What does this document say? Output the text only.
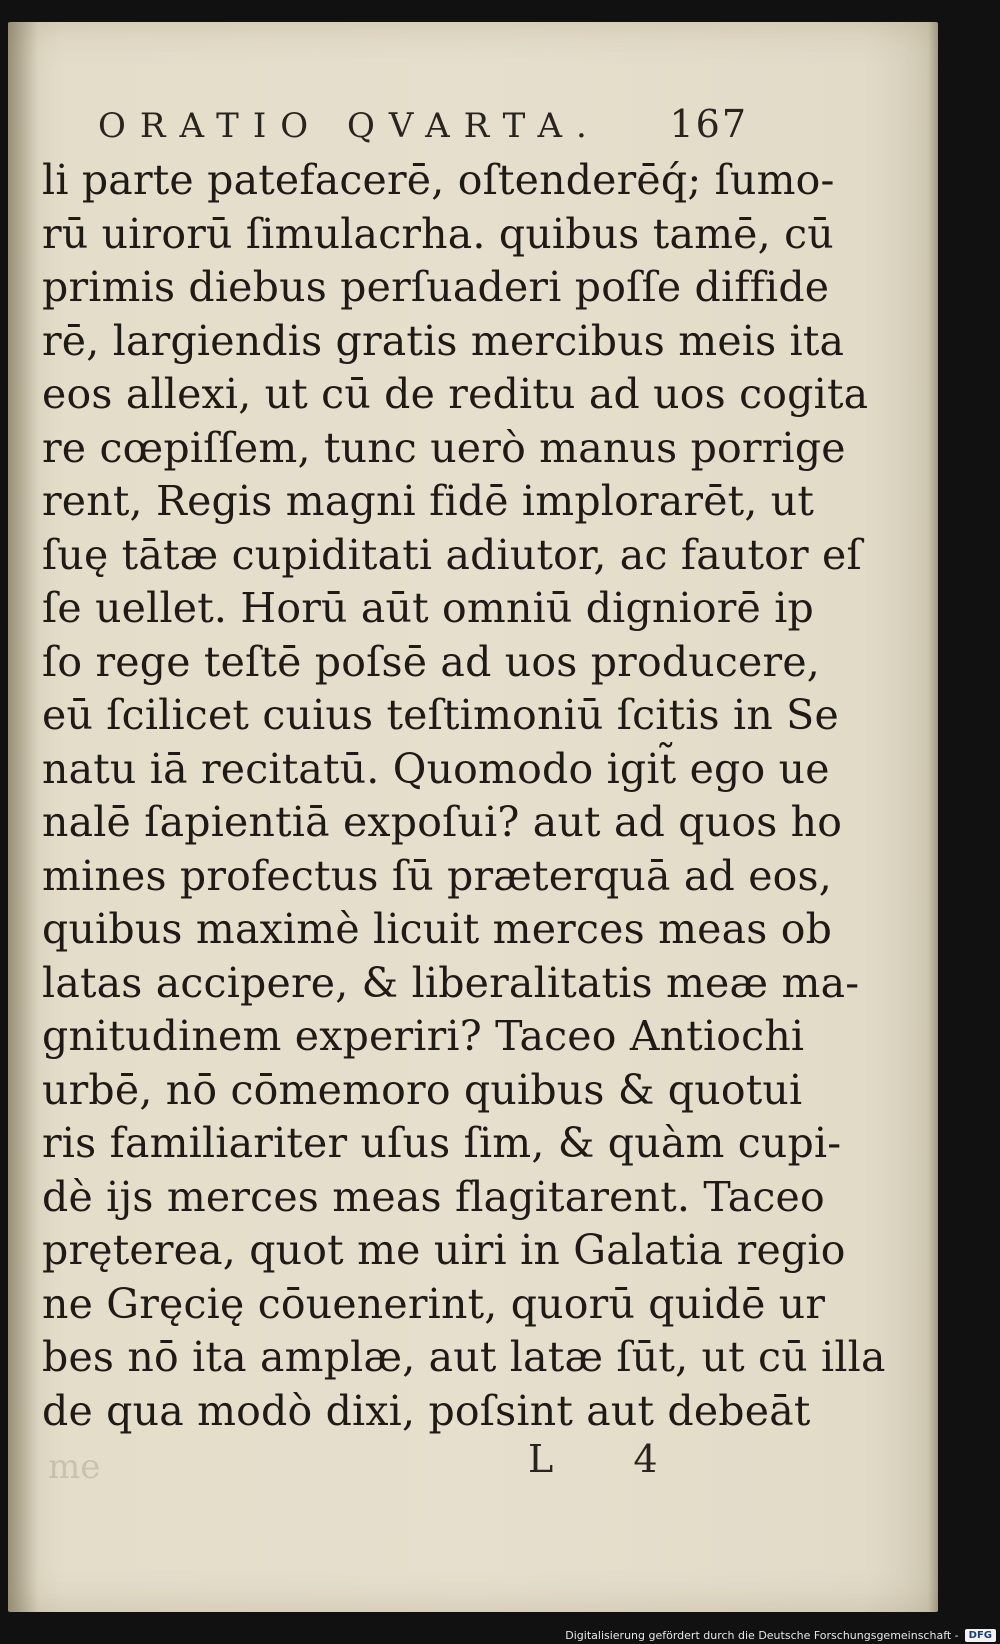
ORATIO QVARTA. 167
li parte patefacerē, oſtenderēq́; ſumo-
rū uirorū ſimulacrha. quibus tamē, cū
primis diebus perſuaderi poſſe diffide
rē, largiendis gratis mercibus meis ita
eos allexi, ut cū de reditu ad uos cogita
re cœpiſſem, tunc uerò manus porrige
rent, Regis magni fidē implorarēt, ut
ſuę tātæ cupiditati adiutor, ac fautor eſ
ſe uellet. Horū aūt omniū digniorē ip
ſo rege teſtē poſsē ad uos producere,
eū ſcilicet cuius teſtimoniū ſcitis in Se
natu iā recitatū. Quomodo igit̃ ego ue
nalē ſapientiā expoſui? aut ad quos ho
mines profectus ſū præterquā ad eos,
quibus maximè licuit merces meas ob
latas accipere, & liberalitatis meæ ma-
gnitudinem experiri? Taceo Antiochi
urbē, nō cōmemoro quibus & quotui
ris familiariter uſus ſim, & quàm cupi-
dè ijs merces meas flagitarent. Taceo
pręterea, quot me uiri in Galatia regio
ne Gręcię cōuenerint, quorū quidē ur
bes nō ita amplæ, aut latæ ſūt, ut cū illa
de qua modò dixi, poſsint aut debeāt
me	L 4
Digitalisierung gefördert durch die Deutsche Forschungsgemeinschaft -	DFG
